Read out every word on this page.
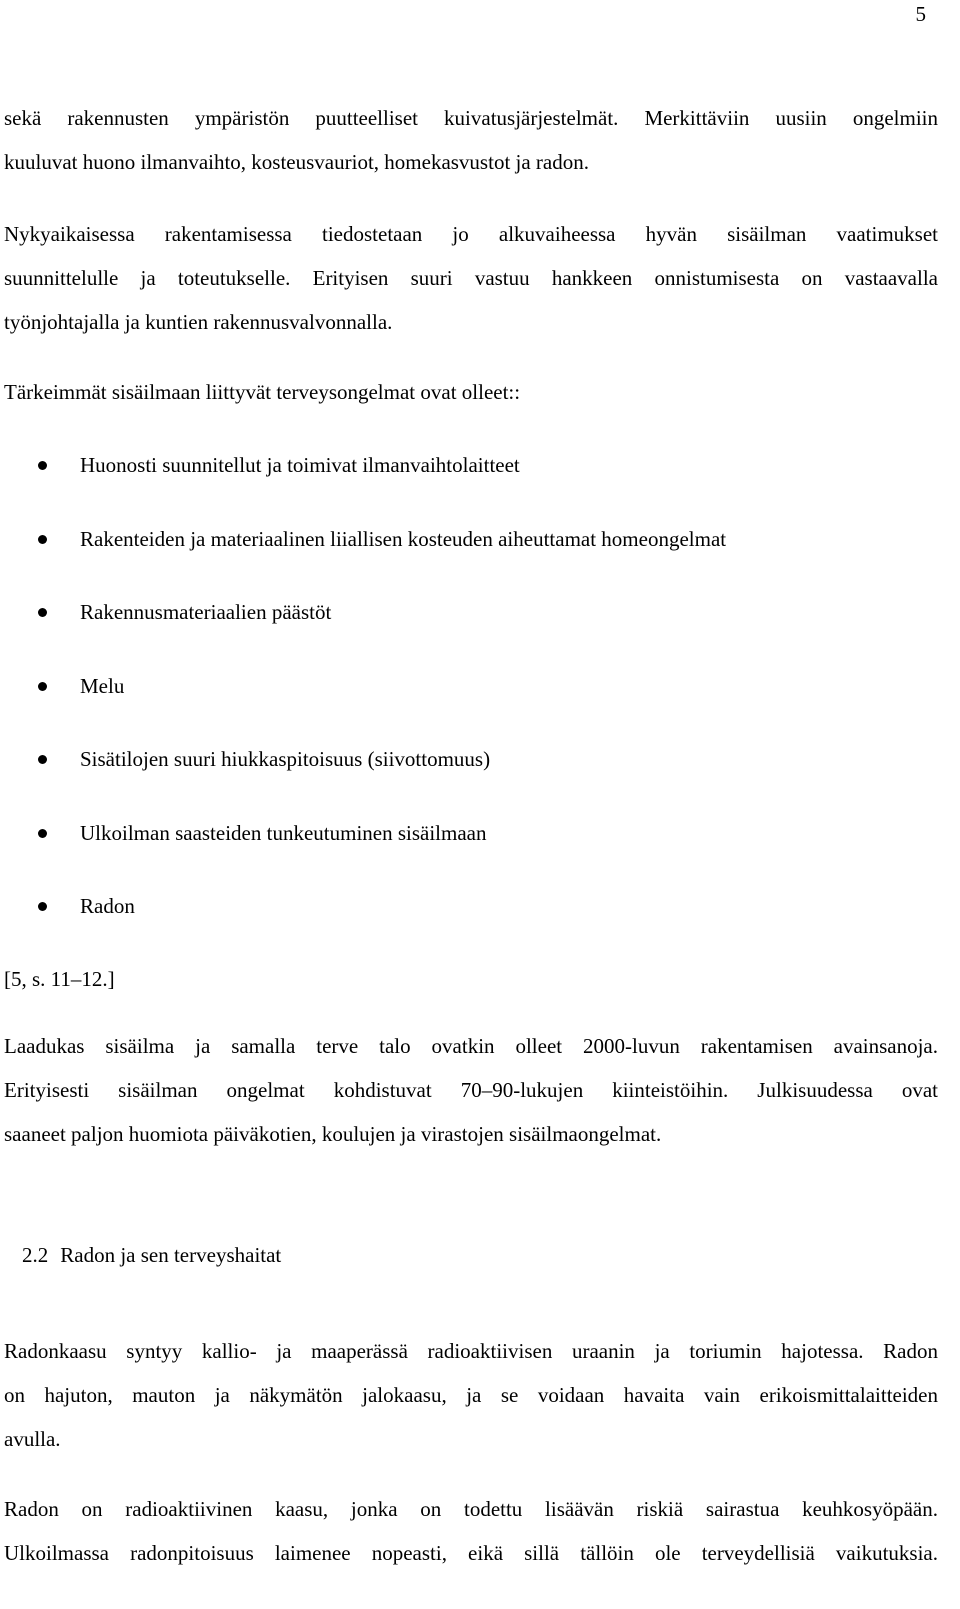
5

sekä rakennusten ympäristön puutteelliset kuivatusjärjestelmät. Merkittäviin uusiin ongelmiin
kuuluvat huono ilmanvaihto, kosteusvauriot, homekasvustot ja radon.

Nykyaikaisessa rakentamisessa tiedostetaan jo alkuvaiheessa hyvän sisäilman vaatimukset
suunnittelulle ja toteutukselle. Erityisen suuri vastuu hankkeen onnistumisesta on vastaavalla
työnjohtajalla ja kuntien rakennusvalvonnalla.

Tärkeimmät sisäilmaan liittyvät terveysongelmat ovat olleet::

Huonosti suunnitellut ja toimivat ilmanvaihtolaitteet
Rakenteiden ja materiaalinen liiallisen kosteuden aiheuttamat homeongelmat
Rakennusmateriaalien päästöt
Melu
Sisätilojen suuri hiukkaspitoisuus (siivottomuus)
Ulkoilman saasteiden tunkeutuminen sisäilmaan
Radon

[5, s. 11–12.]

Laadukas sisäilma ja samalla terve talo ovatkin olleet 2000-luvun rakentamisen avainsanoja.
Erityisesti sisäilman ongelmat kohdistuvat 70–90-lukujen kiinteistöihin. Julkisuudessa ovat
saaneet paljon huomiota päiväkotien, koulujen ja virastojen sisäilmaongelmat.

2.2 Radon ja sen terveyshaitat

Radonkaasu syntyy kallio- ja maaperässä radioaktiivisen uraanin ja toriumin hajotessa. Radon
on hajuton, mauton ja näkymätön jalokaasu, ja se voidaan havaita vain erikoismittalaitteiden
avulla.

Radon on radioaktiivinen kaasu, jonka on todettu lisäävän riskiä sairastua keuhkosyöpään.
Ulkoilmassa radonpitoisuus laimenee nopeasti, eikä sillä tällöin ole terveydellisiä vaikutuksia.
